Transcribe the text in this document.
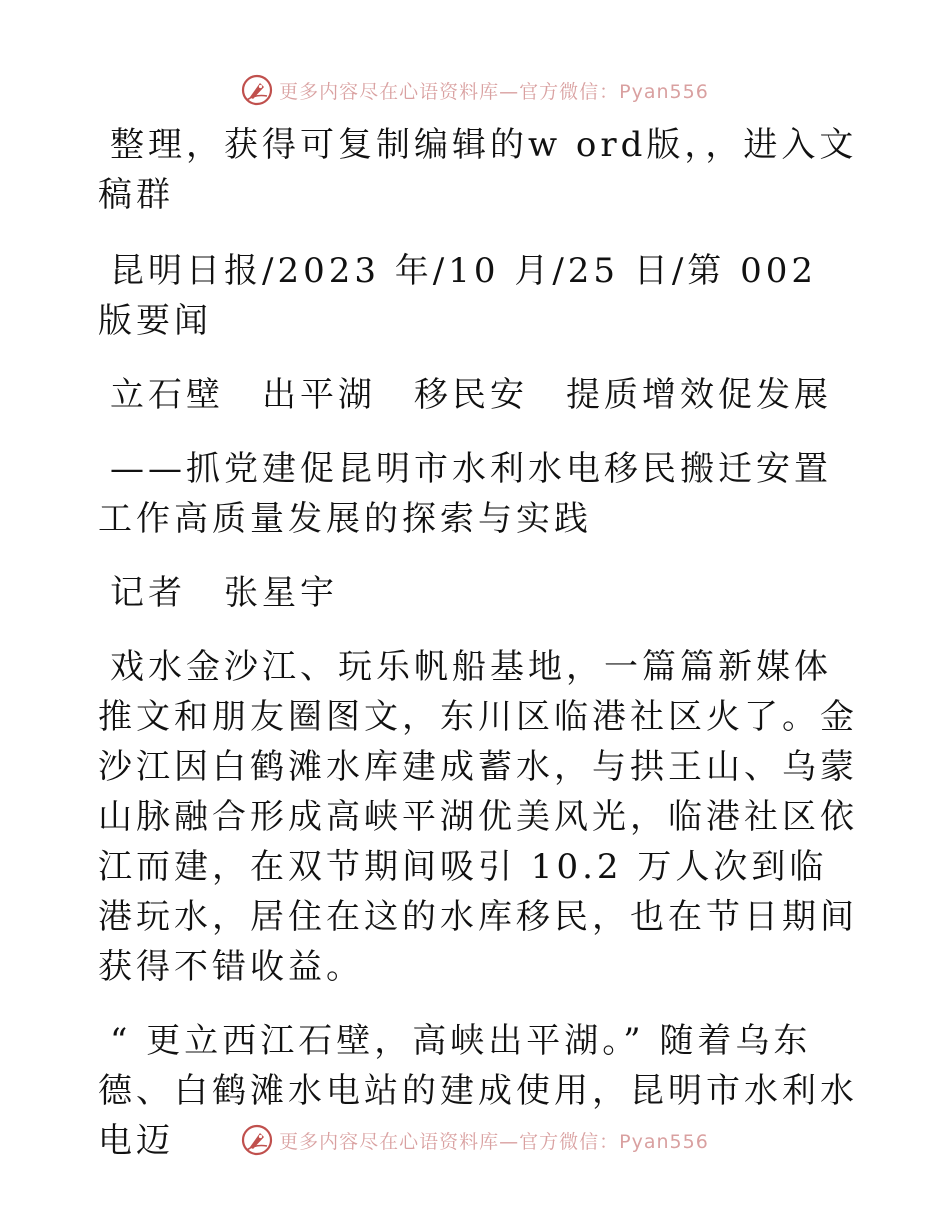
更多内容尽在心语资料库—官方微信：Pyan556

整理，获得可复制编辑的w ord版，，进入文稿群

昆明日报/2023 年/10 月/25 日/第 002 版要闻

立石壁　出平湖　移民安　提质增效促发展

——抓党建促昆明市水利水电移民搬迁安置工作高质量发展的探索与实践

记者　张星宇

戏水金沙江、玩乐帆船基地，一篇篇新媒体推文和朋友圈图文，东川区临港社区火了。金沙江因白鹤滩水库建成蓄水，与拱王山、乌蒙山脉融合形成高峡平湖优美风光，临港社区依江而建，在双节期间吸引 10.2 万人次到临港玩水，居住在这的水库移民，也在节日期间获得不错收益。

“ 更立西江石壁，高峡出平湖。” 随着乌东德、白鹤滩水电站的建成使用，昆明市水利水电迈	更多内容尽在心语资料库—官方微信：Pyan556
